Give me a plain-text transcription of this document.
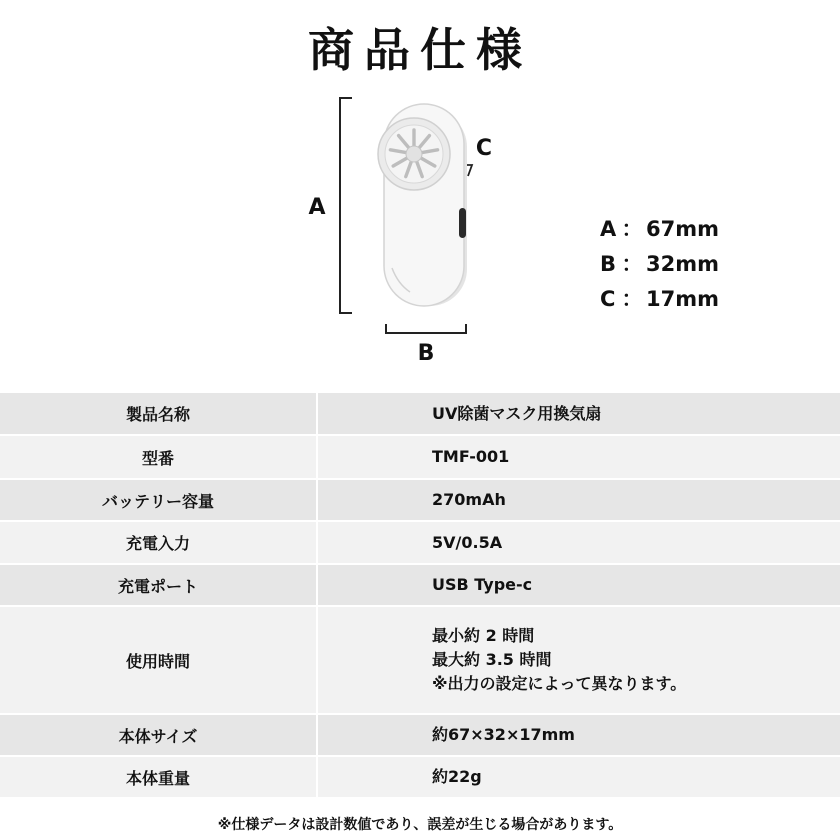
商品仕様
A
B
C
A ： 67mm
B ： 32mm
C ： 17mm
製品名称	UV除菌マスク用換気扇
型番	TMF-001
バッテリー容量	270mAh
充電入力	5V/0.5A
充電ポート	USB Type-c
使用時間	最小約 2 時間
最大約 3.5 時間
※出力の設定によって異なります。

本体サイズ	約67×32×17mm
本体重量	約22g
※仕様データは設計数値であり、誤差が生じる場合があります。
